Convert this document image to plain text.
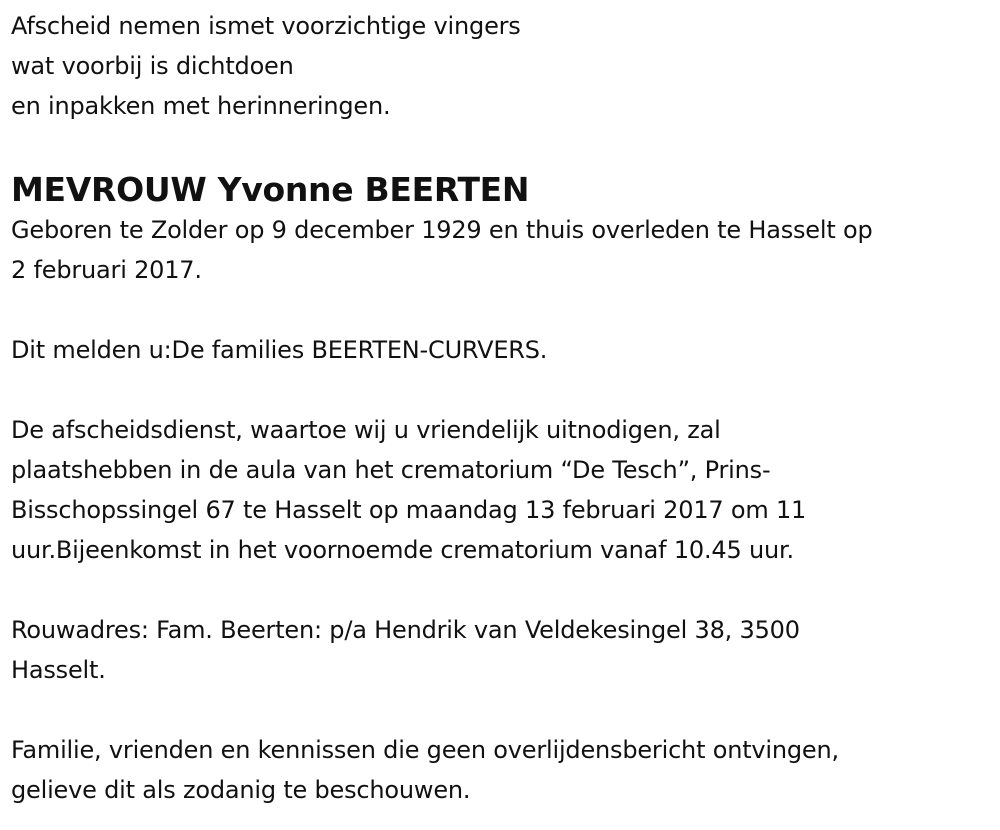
Afscheid nemen ismet voorzichtige vingers
wat voorbij is dichtdoen
en inpakken met herinneringen.
MEVROUW Yvonne BEERTEN
Geboren te Zolder op 9 december 1929 en thuis overleden te Hasselt op
2 februari 2017.
Dit melden u:De families BEERTEN-CURVERS.
De afscheidsdienst, waartoe wij u vriendelijk uitnodigen, zal
plaatshebben in de aula van het crematorium “De Tesch”, Prins-
Bisschopssingel 67 te Hasselt op maandag 13 februari 2017 om 11
uur.Bijeenkomst in het voornoemde crematorium vanaf 10.45 uur.
Rouwadres: Fam. Beerten: p/a Hendrik van Veldekesingel 38, 3500
Hasselt.
Familie, vrienden en kennissen die geen overlijdensbericht ontvingen,
gelieve dit als zodanig te beschouwen.
